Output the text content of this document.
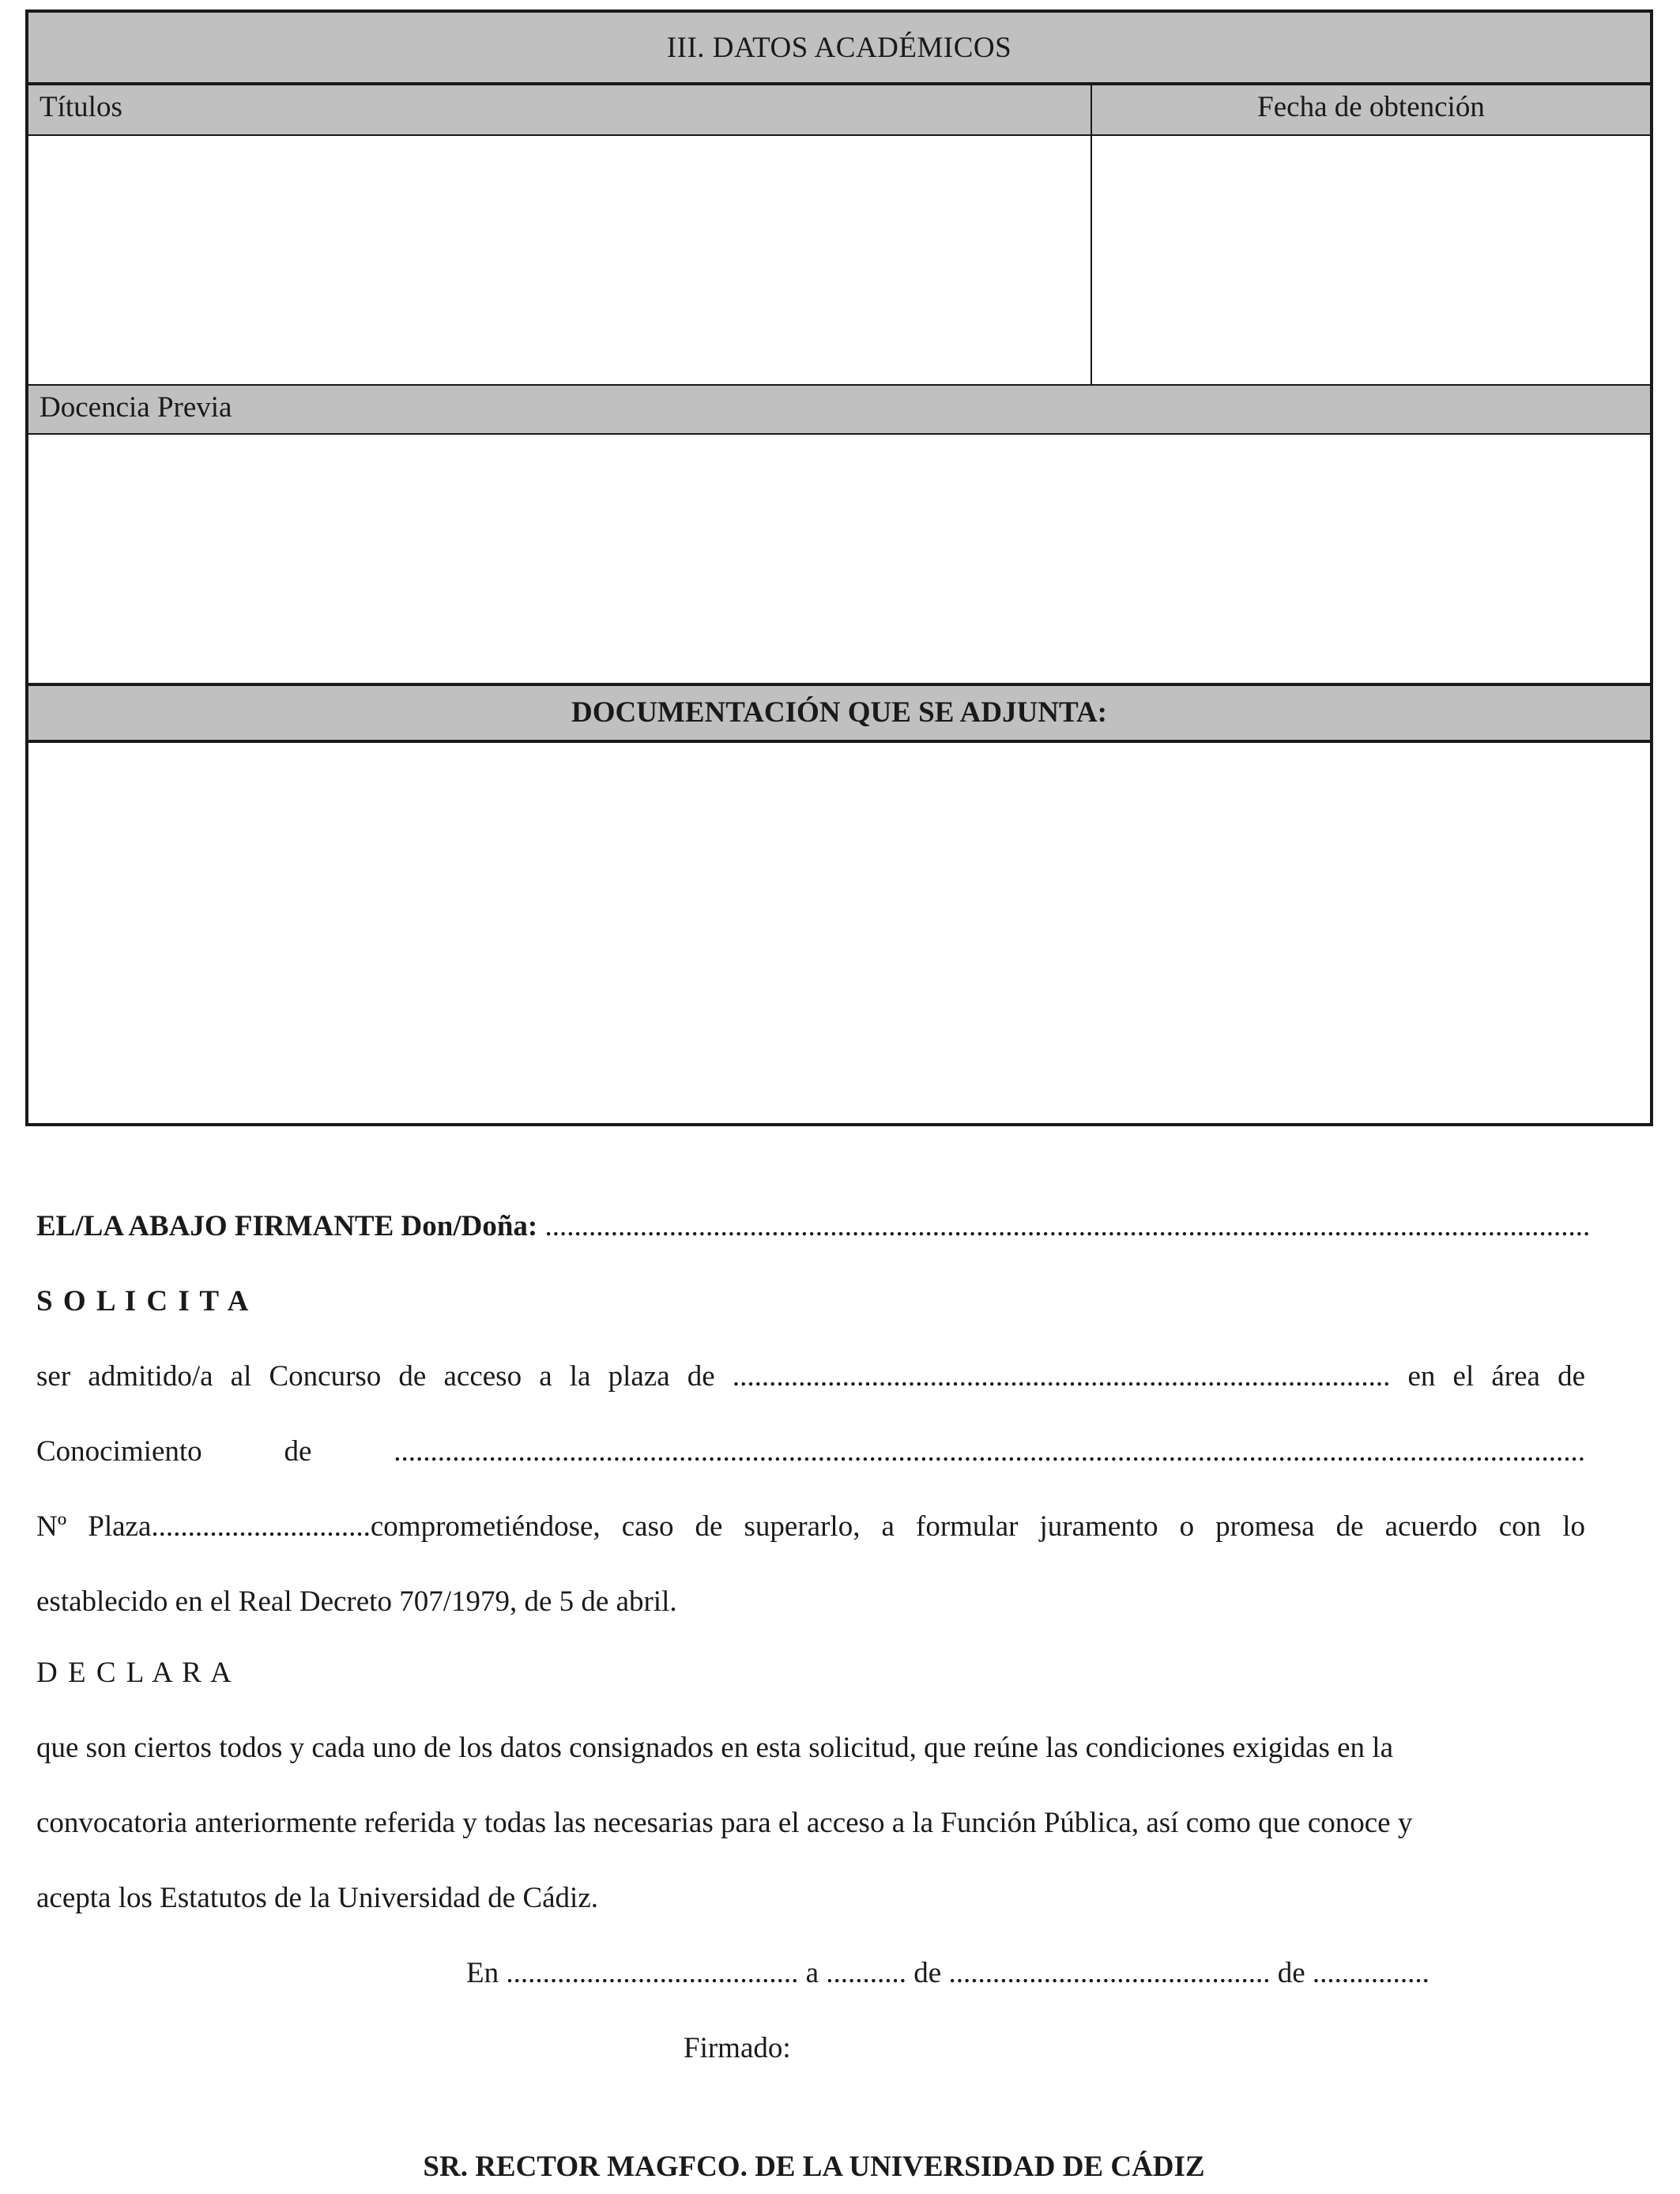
III. DATOS ACADÉMICOS
Títulos	Fecha de obtención
Docencia Previa
DOCUMENTACIÓN QUE SE ADJUNTA:
EL/LA ABAJO FIRMANTE Don/Doña: ...............................................................................................................................................
S O L I C I T A
ser admitido/a al Concurso de acceso a la plaza de .......................................................................................... en el área de
Conocimiento de ...................................................................................................................................................................
Nº Plaza..............................comprometiéndose, caso de superarlo, a formular juramento o promesa de acuerdo con lo
establecido en el Real Decreto 707/1979, de 5 de abril.
D E C L A R A
que son ciertos todos y cada uno de los datos consignados en esta solicitud, que reúne las condiciones exigidas en la
convocatoria anteriormente referida y todas las necesarias para el acceso a la Función Pública, así como que conoce y
acepta los Estatutos de la Universidad de Cádiz.
En ........................................ a ........... de ............................................ de ................
Firmado:
SR. RECTOR MAGFCO. DE LA UNIVERSIDAD DE CÁDIZ
